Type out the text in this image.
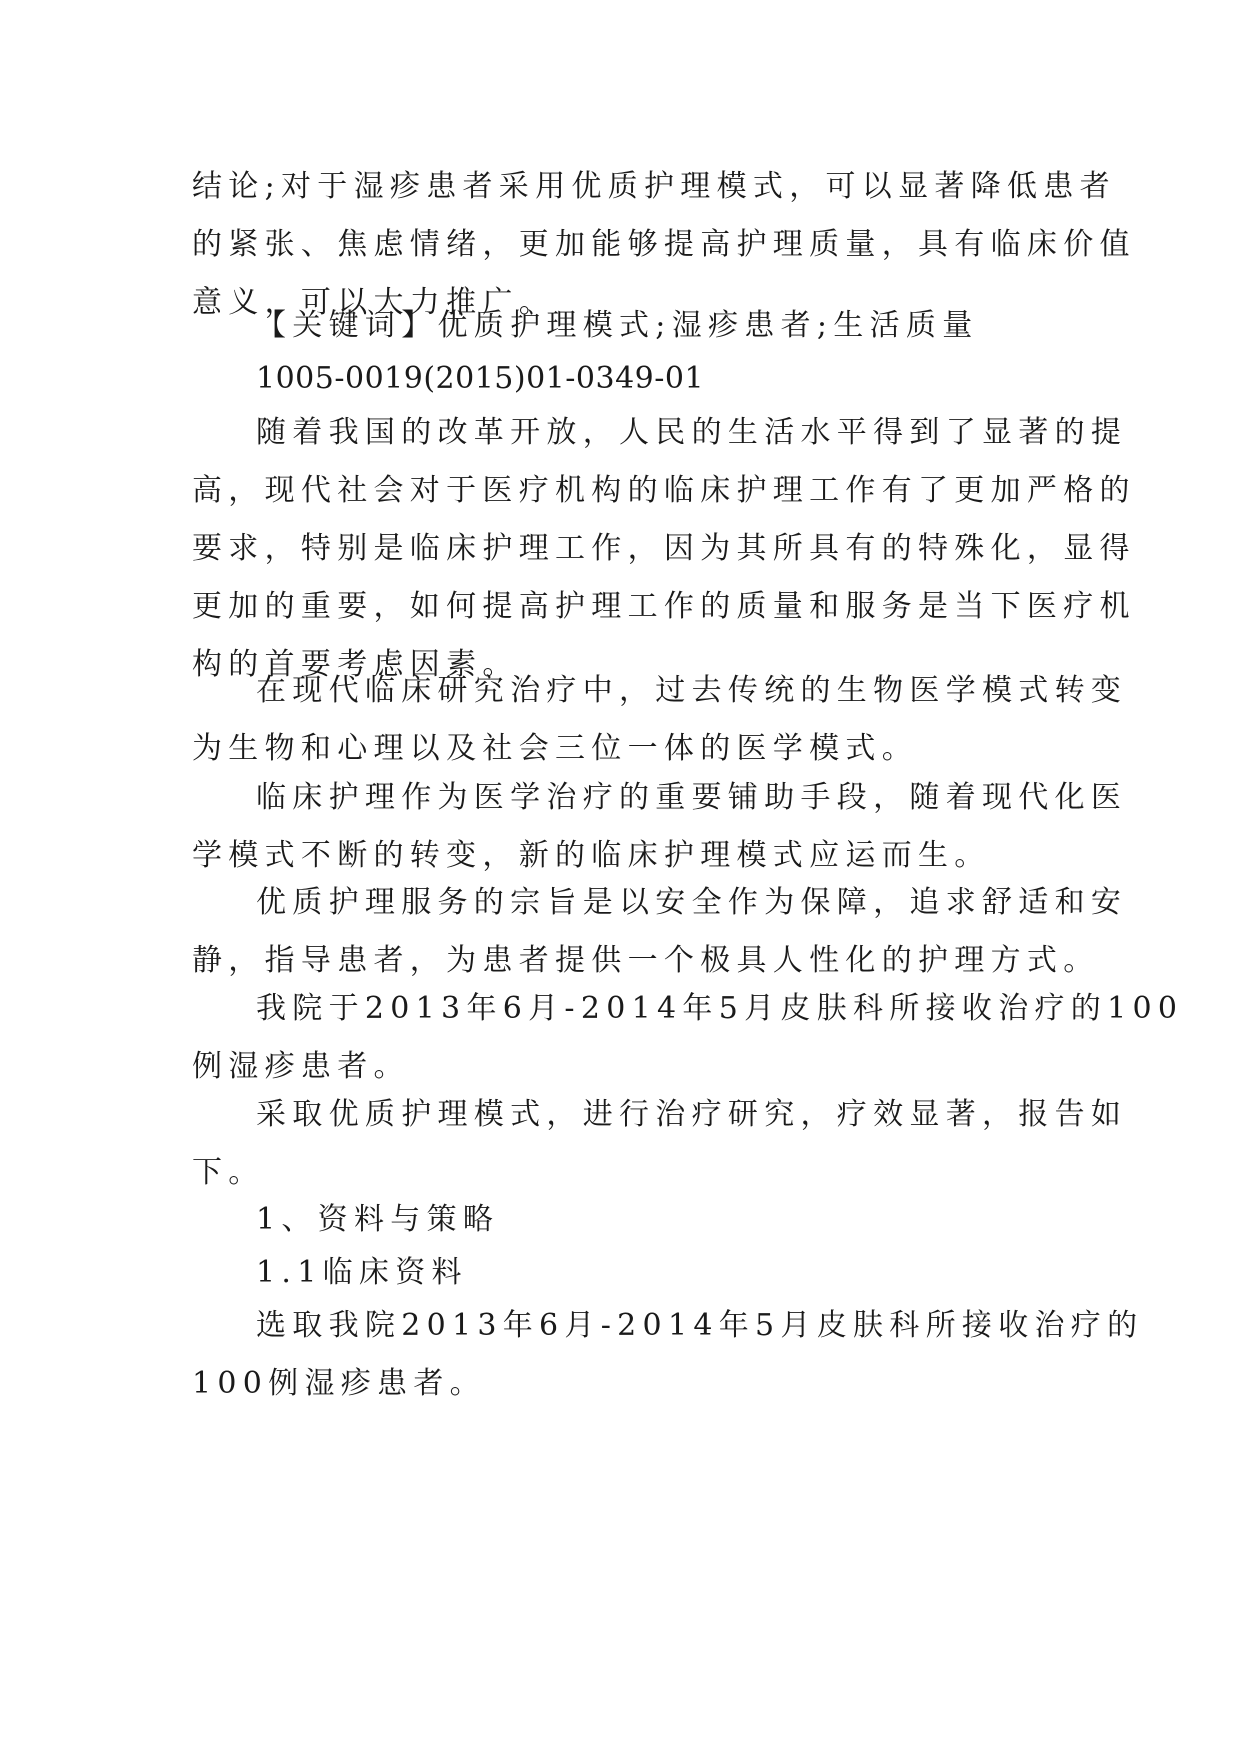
结论;对于湿疹患者采用优质护理模式，可以显著降低患者
的紧张、焦虑情绪，更加能够提高护理质量，具有临床价值
意义，可以大力推广。
【关键词】优质护理模式;湿疹患者;生活质量
1005-0019(2015)01-0349-01
随着我国的改革开放，人民的生活水平得到了显著的提
高，现代社会对于医疗机构的临床护理工作有了更加严格的
要求，特别是临床护理工作，因为其所具有的特殊化，显得
更加的重要，如何提高护理工作的质量和服务是当下医疗机
构的首要考虑因素。
在现代临床研究治疗中，过去传统的生物医学模式转变
为生物和心理以及社会三位一体的医学模式。
临床护理作为医学治疗的重要铺助手段，随着现代化医
学模式不断的转变，新的临床护理模式应运而生。
优质护理服务的宗旨是以安全作为保障，追求舒适和安
静，指导患者，为患者提供一个极具人性化的护理方式。
我院于2013年6月-2014年5月皮肤科所接收治疗的100
例湿疹患者。
采取优质护理模式，进行治疗研究，疗效显著，报告如
下。
1、资料与策略
1.1临床资料
选取我院2013年6月-2014年5月皮肤科所接收治疗的
100例湿疹患者。
